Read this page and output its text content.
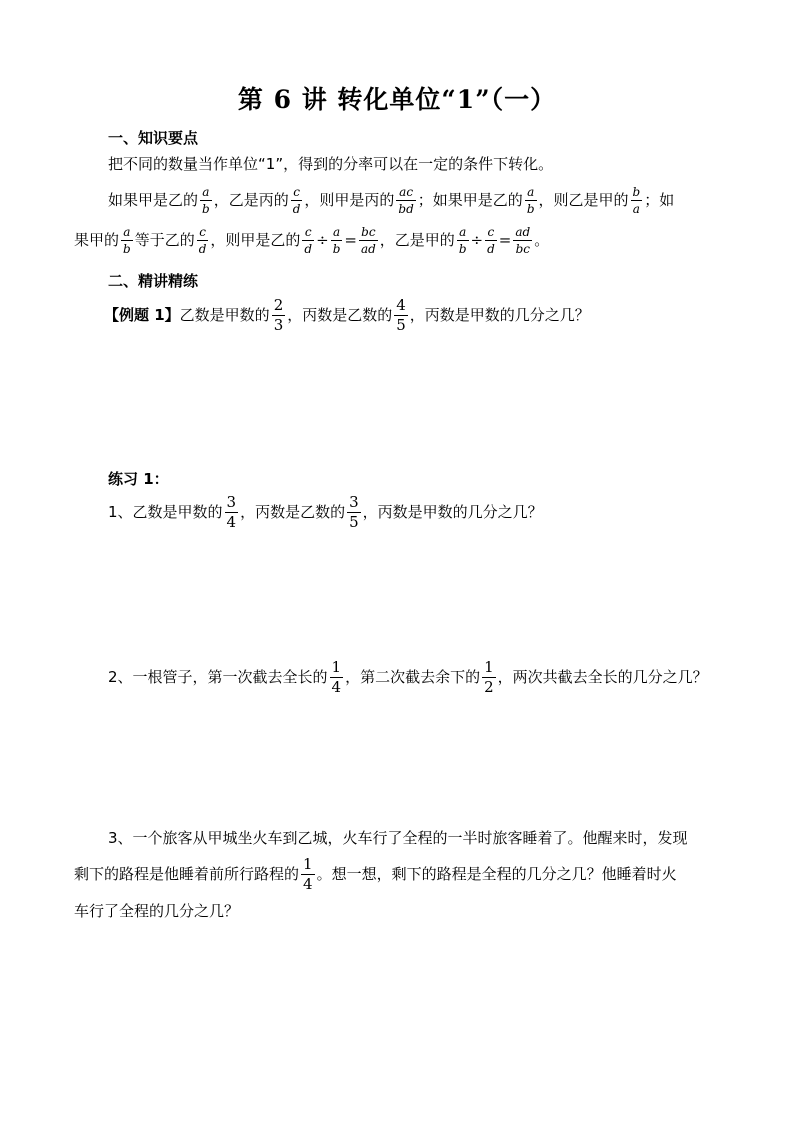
第 6 讲 转化单位“1”（一）
一、知识要点
把不同的数量当作单位“1”，得到的分率可以在一定的条件下转化。
如果甲是乙的 $\frac{a}{b}$ ，乙是丙的 $\frac{c}{d}$ ，则甲是丙的 $\frac{ac}{bd}$ ；如果甲是乙的 $\frac{a}{b}$ ，则乙是甲的 $\frac{b}{a}$ ；如
果甲的 $\frac{a}{b}$ 等于乙的 $\frac{c}{d}$ ，则甲是乙的 $\frac{c}{d} \div \frac{a}{b} = \frac{bc}{ad}$ ，乙是甲的 $\frac{a}{b} \div \frac{c}{d} = \frac{ad}{bc}$ 。
二、精讲精练
【例题 1】乙数是甲数的 $\frac{2}{3}$ ，丙数是乙数的 $\frac{4}{5}$ ，丙数是甲数的几分之几？
练习 1：
1、乙数是甲数的 $\frac{3}{4}$ ，丙数是乙数的 $\frac{3}{5}$ ，丙数是甲数的几分之几？
2、一根管子，第一次截去全长的 $\frac{1}{4}$ ，第二次截去余下的 $\frac{1}{2}$ ，两次共截去全长的几分之几？
3、一个旅客从甲城坐火车到乙城，火车行了全程的一半时旅客睡着了。他醒来时，发现
剩下的路程是他睡着前所行路程的 $\frac{1}{4}$ 。想一想，剩下的路程是全程的几分之几？他睡着时火
车行了全程的几分之几？
